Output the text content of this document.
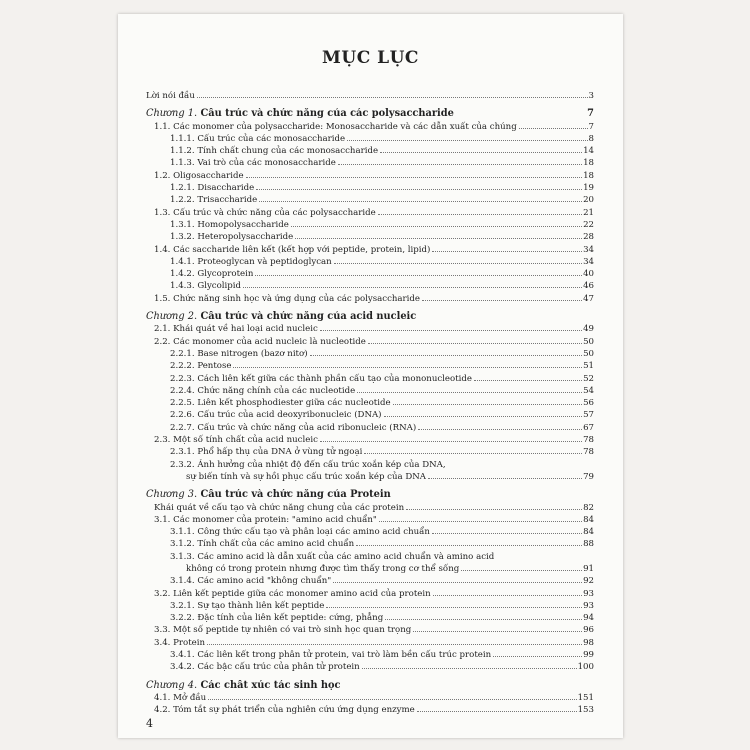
MỤC LỤC
Lời nói đầu	3
Chương 1. Cấu trúc và chức năng của các polysaccharide	7
1.1. Các monomer của polysaccharide: Monosaccharide và các dẫn xuất của chúng	7
1.1.1. Cấu trúc của các monosaccharide	8
1.1.2. Tính chất chung của các monosaccharide	14
1.1.3. Vai trò của các monosaccharide	18
1.2. Oligosaccharide	18
1.2.1. Disaccharide	19
1.2.2. Trisaccharide	20
1.3. Cấu trúc và chức năng của các polysaccharide	21
1.3.1. Homopolysaccharide	22
1.3.2. Heteropolysaccharide	28
1.4. Các saccharide liên kết (kết hợp với peptide, protein, lipid)	34
1.4.1. Proteoglycan và peptidoglycan	34
1.4.2. Glycoprotein	40
1.4.3. Glycolipid	46
1.5. Chức năng sinh học và ứng dụng của các polysaccharide	47
Chương 2. Cấu trúc và chức năng của acid nucleic
2.1. Khái quát về hai loại acid nucleic	49
2.2. Các monomer của acid nucleic là nucleotide	50
2.2.1. Base nitrogen (bazơ nitơ)	50
2.2.2. Pentose	51
2.2.3. Cách liên kết giữa các thành phần cấu tạo của mononucleotide	52
2.2.4. Chức năng chính của các nucleotide	54
2.2.5. Liên kết phosphodiester giữa các nucleotide	56
2.2.6. Cấu trúc của acid deoxyribonucleic (DNA)	57
2.2.7. Cấu trúc và chức năng của acid ribonucleic (RNA)	67
2.3. Một số tính chất của acid nucleic	78
2.3.1. Phổ hấp thụ của DNA ở vùng tử ngoại	78
2.3.2. Ảnh hưởng của nhiệt độ đến cấu trúc xoắn kép của DNA,
sự biến tính và sự hồi phục cấu trúc xoắn kép của DNA	79
Chương 3. Cấu trúc và chức năng của Protein
Khái quát về cấu tạo và chức năng chung của các protein	82
3.1. Các monomer của protein: "amino acid chuẩn"	84
3.1.1. Công thức cấu tạo và phân loại các amino acid chuẩn	84
3.1.2. Tính chất của các amino acid chuẩn	88
3.1.3. Các amino acid là dẫn xuất của các amino acid chuẩn và amino acid
không có trong protein nhưng được tìm thấy trong cơ thể sống	91
3.1.4. Các amino acid "không chuẩn"	92
3.2. Liên kết peptide giữa các monomer amino acid của protein	93
3.2.1. Sự tạo thành liên kết peptide	93
3.2.2. Đặc tính của liên kết peptide: cứng, phẳng	94
3.3. Một số peptide tự nhiên có vai trò sinh học quan trọng	96
3.4. Protein	98
3.4.1. Các liên kết trong phân tử protein, vai trò làm bền cấu trúc protein	99
3.4.2. Các bậc cấu trúc của phân tử protein	100
Chương 4. Các chất xúc tác sinh học
4.1. Mở đầu	151
4.2. Tóm tắt sự phát triển của nghiên cứu ứng dụng enzyme	153
4
